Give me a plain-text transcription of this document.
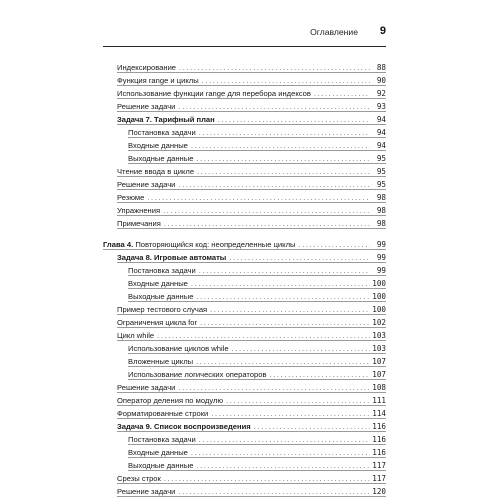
Оглавление 9
Индексирование .....	88
Функция range и циклы .....	90
Использование функции range для перебора индексов .....	92
Решение задачи .....	93
Задача 7. Тарифный план .....	94
Постановка задачи .....	94
Входные данные .....	94
Выходные данные .....	95
Чтение ввода в цикле .....	95
Решение задачи .....	95
Резюме .....	98
Упражнения .....	98
Примечания .....	98
Глава 4. Повторяющийся код: неопределенные циклы .....	99
Задача 8. Игровые автоматы .....	99
Постановка задачи .....	99
Входные данные .....	100
Выходные данные .....	100
Пример тестового случая .....	100
Ограничения цикла for .....	102
Цикл while .....	103
Использование циклов while .....	103
Вложенные циклы .....	107
Использование логических операторов .....	107
Решение задачи .....	108
Оператор деления по модулю .....	111
Форматированные строки .....	114
Задача 9. Список воспроизведения .....	116
Постановка задачи .....	116
Входные данные .....	116
Выходные данные .....	117
Срезы строк .....	117
Решение задачи .....	120
